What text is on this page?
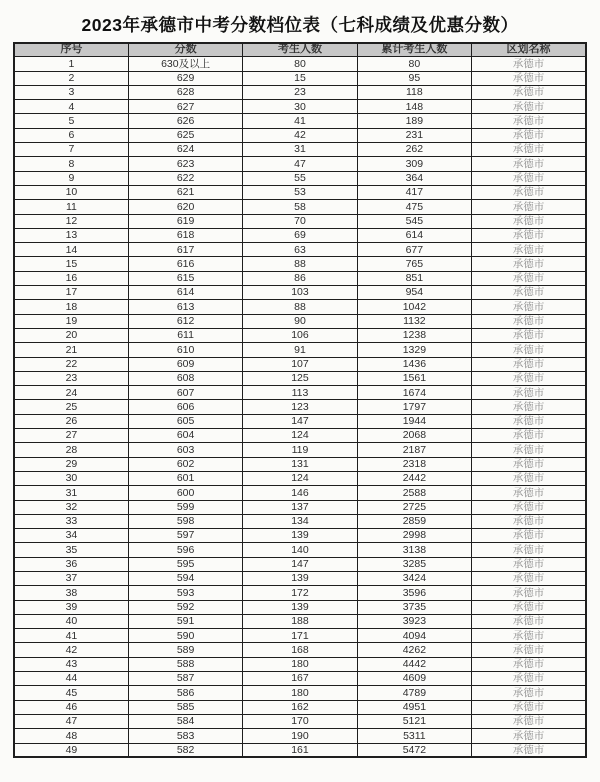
2023年承德市中考分数档位表（七科成绩及优惠分数）
序号	分数	考生人数	累计考生人数	区划名称
1	630及以上	80	80	承德市
2	629	15	95	承德市
3	628	23	118	承德市
4	627	30	148	承德市
5	626	41	189	承德市
6	625	42	231	承德市
7	624	31	262	承德市
8	623	47	309	承德市
9	622	55	364	承德市
10	621	53	417	承德市
11	620	58	475	承德市
12	619	70	545	承德市
13	618	69	614	承德市
14	617	63	677	承德市
15	616	88	765	承德市
16	615	86	851	承德市
17	614	103	954	承德市
18	613	88	1042	承德市
19	612	90	1132	承德市
20	611	106	1238	承德市
21	610	91	1329	承德市
22	609	107	1436	承德市
23	608	125	1561	承德市
24	607	113	1674	承德市
25	606	123	1797	承德市
26	605	147	1944	承德市
27	604	124	2068	承德市
28	603	119	2187	承德市
29	602	131	2318	承德市
30	601	124	2442	承德市
31	600	146	2588	承德市
32	599	137	2725	承德市
33	598	134	2859	承德市
34	597	139	2998	承德市
35	596	140	3138	承德市
36	595	147	3285	承德市
37	594	139	3424	承德市
38	593	172	3596	承德市
39	592	139	3735	承德市
40	591	188	3923	承德市
41	590	171	4094	承德市
42	589	168	4262	承德市
43	588	180	4442	承德市
44	587	167	4609	承德市
45	586	180	4789	承德市
46	585	162	4951	承德市
47	584	170	5121	承德市
48	583	190	5311	承德市
49	582	161	5472	承德市
